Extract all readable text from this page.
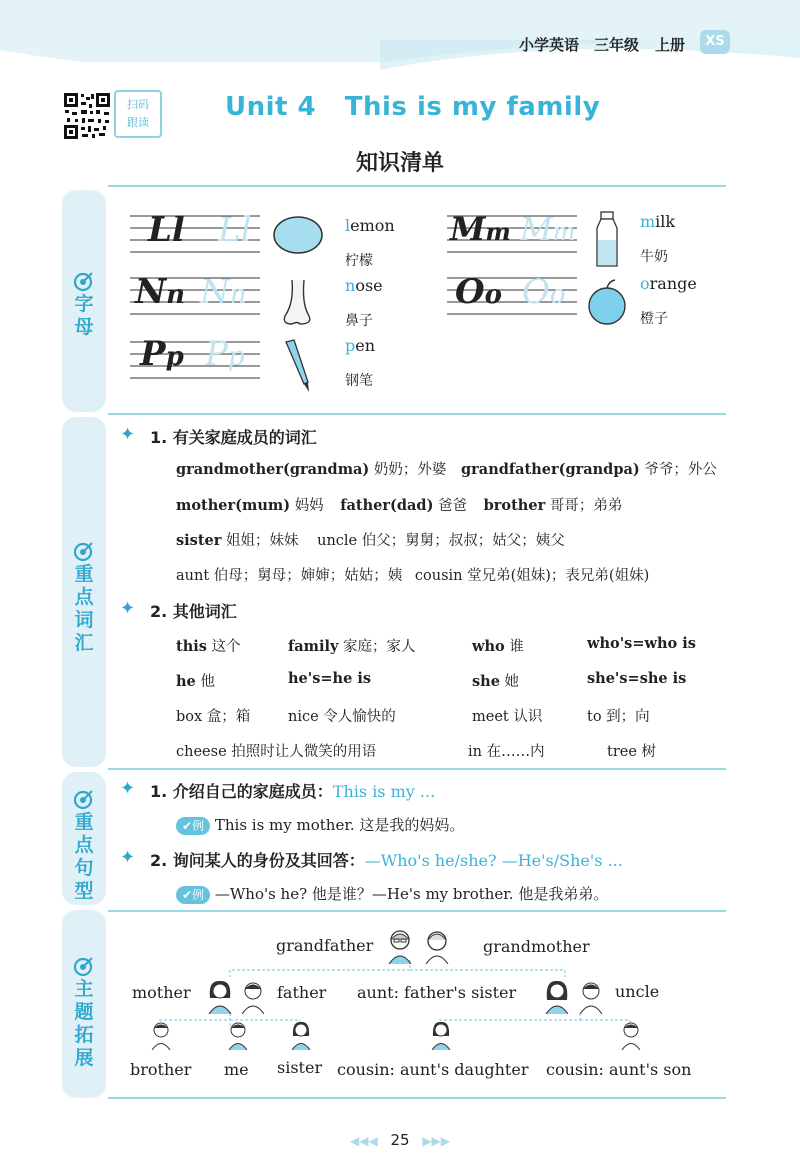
小学英语 三年级 上册	XS
扫码
跟读
Unit 4   This is my family
知识清单
字母
重点词汇
重点句型
主题拓展
Ll Ll	Mm Mm
Nn Nn	Oo Oo
Pp Pp
lemon
柠檬
milk
牛奶
nose
鼻子
orange
橙子
pen
钢笔
✦ 1. 有关家庭成员的词汇
grandmother(grandma) 奶奶；外婆 grandfather(grandpa) 爷爷；外公
mother(mum) 妈妈 father(dad) 爸爸 brother 哥哥；弟弟
sister 姐姐；妹妹 uncle 伯父；舅舅；叔叔；姑父；姨父
aunt 伯母；舅母；婶婶；姑姑；姨 cousin 堂兄弟(姐妹)；表兄弟(姐妹)
✦ 2. 其他词汇
this 这个	family 家庭；家人	who 谁	who's=who is
he 他	he's=he is	she 她	she's=she is
box 盒；箱	nice 令人愉快的	meet 认识	to 到；向
cheese 拍照时让人微笑的用语	in 在……内	tree 树
✦ 1. 介绍自己的家庭成员：This is my ...
✔例 This is my mother. 这是我的妈妈。
✦ 2. 询问某人的身份及其回答：—Who's he/she? —He's/She's ...
✔例 —Who's he? 他是谁？—He's my brother. 他是我弟弟。
grandfather	grandmother
mother	father aunt: father's sister	uncle
brother me sister cousin: aunt's daughter cousin: aunt's son
◀◀◀ 25 ▶▶▶
